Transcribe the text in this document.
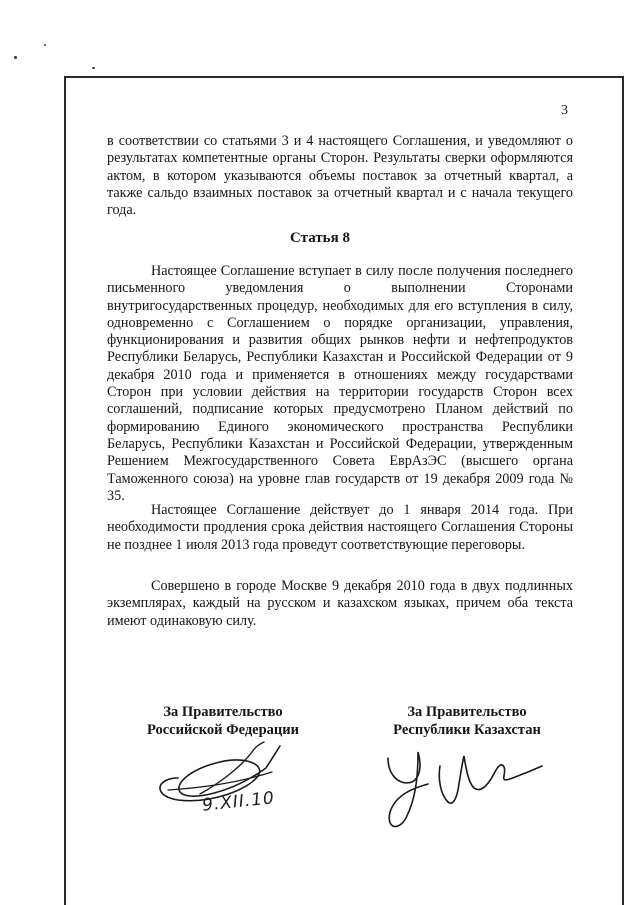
3

в соответствии со статьями 3 и 4 настоящего Соглашения, и уведомляют о результатах компетентные органы Сторон. Результаты сверки оформляются актом, в котором указываются объемы поставок за отчетный квартал, а также сальдо взаимных поставок за отчетный квартал и с начала текущего года.

Статья 8

Настоящее Соглашение вступает в силу после получения последнего письменного уведомления о выполнении Сторонами внутригосударственных процедур, необходимых для его вступления в силу, одновременно с Соглашением о порядке организации, управления, функционирования и развития общих рынков нефти и нефтепродуктов Республики Беларусь, Республики Казахстан и Российской Федерации от 9 декабря 2010 года и применяется в отношениях между государствами Сторон при условии действия на территории государств Сторон всех соглашений, подписание которых предусмотрено Планом действий по формированию Единого экономического пространства Республики Беларусь, Республики Казахстан и Российской Федерации, утвержденным Решением Межгосударственного Совета ЕврАзЭС (высшего органа Таможенного союза) на уровне глав государств от 19 декабря 2009 года № 35.

Настоящее Соглашение действует до 1 января 2014 года. При необходимости продления срока действия настоящего Соглашения Стороны не позднее 1 июля 2013 года проведут соответствующие переговоры.

Совершено в городе Москве 9 декабря 2010 года в двух подлинных экземплярах, каждый на русском и казахском языках, причем оба текста имеют одинаковую силу.

За Правительство
Российской Федерации
За Правительство
Республики Казахстан
9.XII.10
